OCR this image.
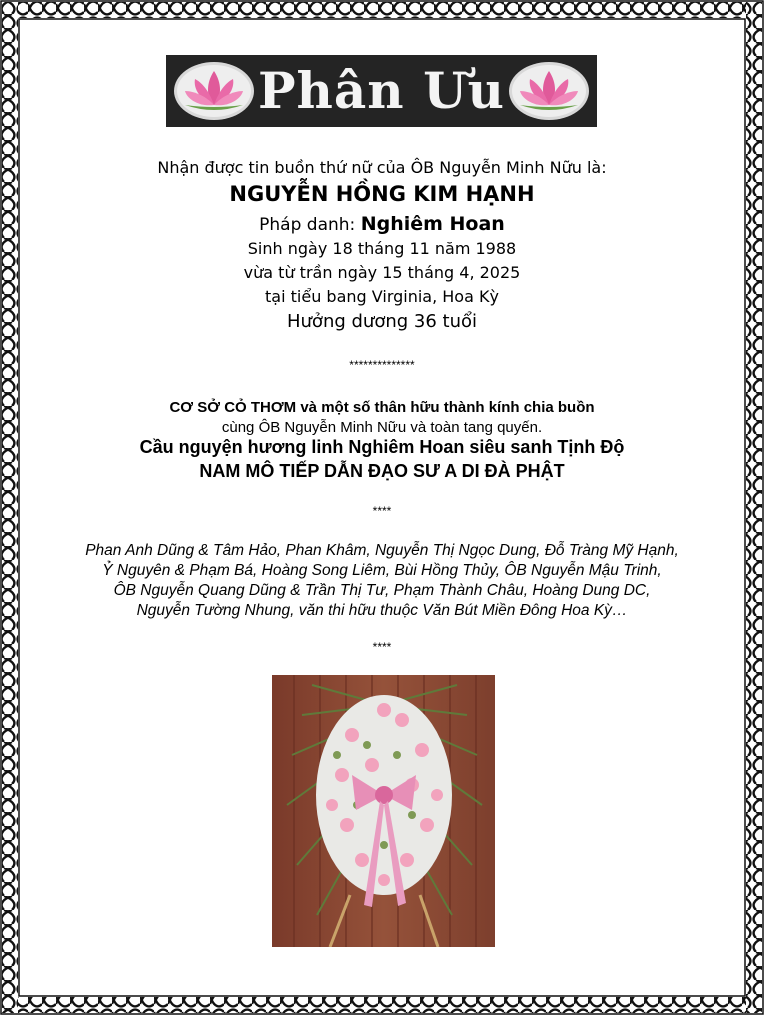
Phân Ưu
Nhận được tin buồn thứ nữ của ÔB Nguyễn Minh Nữu là:
NGUYỄN HỒNG KIM HẠNH
Pháp danh: Nghiêm Hoan
Sinh ngày 18 tháng 11 năm 1988
vừa từ trần ngày 15 tháng 4, 2025
tại tiểu bang Virginia, Hoa Kỳ
Hưởng dương 36 tuổi
**************
CƠ SỞ CỎ THƠM và một số thân hữu thành kính chia buồn
cùng ÔB Nguyễn Minh Nữu và toàn tang quyến.
Cầu nguyện hương linh Nghiêm Hoan siêu sanh Tịnh Độ
NAM MÔ TIẾP DẪN ĐẠO SƯ A DI ĐÀ PHẬT
****
Phan Anh Dũng & Tâm Hảo, Phan Khâm, Nguyễn Thị Ngọc Dung, Đỗ Tràng Mỹ Hạnh,
Ỷ Nguyên & Phạm Bá, Hoàng Song Liêm, Bùi Hồng Thủy, ÔB Nguyễn Mậu Trinh,
ÔB Nguyễn Quang Dũng & Trần Thị Tư, Phạm Thành Châu, Hoàng Dung DC,
Nguyễn Tường Nhung, văn thi hữu thuộc Văn Bút Miền Đông Hoa Kỳ…
****
